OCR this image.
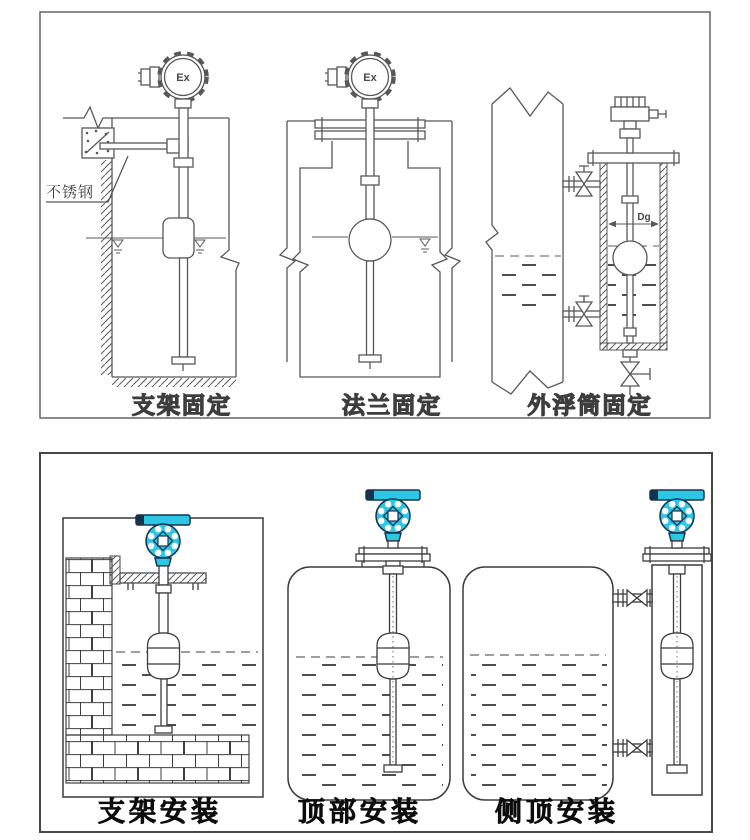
不锈钢
Ex	Ex
Dg
支架固定	法兰固定	外浮筒固定
支架安装	顶部安装	侧顶安装
